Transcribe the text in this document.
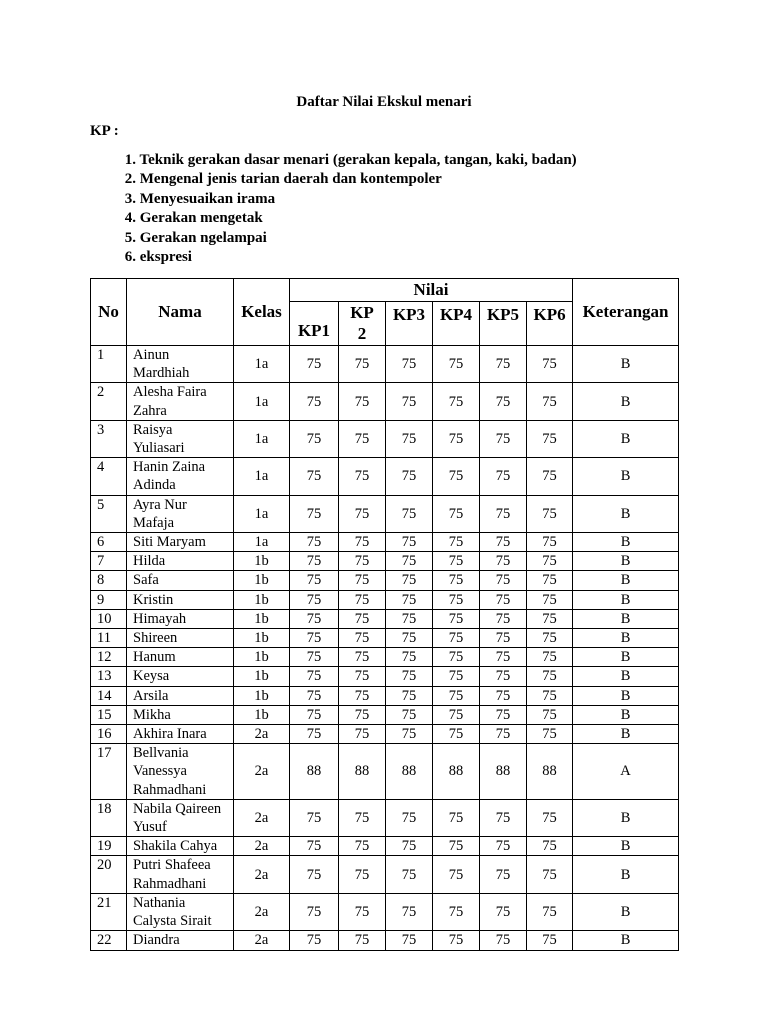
Daftar Nilai Ekskul menari
KP :
1. Teknik gerakan dasar menari (gerakan kepala, tangan, kaki, badan)
2. Mengenal jenis tarian daerah dan kontempoler
3. Menyesuaikan irama
4. Gerakan mengetak
5. Gerakan ngelampai
6. ekspresi
No	Nama	Kelas	Nilai						Keterangan
			KP1	KP
2	KP3	KP4	KP5	KP6	
1	Ainun
Mardhiah	1a	75	75	75	75	75	75	B
2	Alesha Faira
Zahra	1a	75	75	75	75	75	75	B
3	Raisya
Yuliasari	1a	75	75	75	75	75	75	B
4	Hanin Zaina
Adinda	1a	75	75	75	75	75	75	B
5	Ayra Nur
Mafaja	1a	75	75	75	75	75	75	B
6	Siti Maryam	1a	75	75	75	75	75	75	B
7	Hilda	1b	75	75	75	75	75	75	B
8	Safa	1b	75	75	75	75	75	75	B
9	Kristin	1b	75	75	75	75	75	75	B
10	Himayah	1b	75	75	75	75	75	75	B
11	Shireen	1b	75	75	75	75	75	75	B
12	Hanum	1b	75	75	75	75	75	75	B
13	Keysa	1b	75	75	75	75	75	75	B
14	Arsila	1b	75	75	75	75	75	75	B
15	Mikha	1b	75	75	75	75	75	75	B
16	Akhira Inara	2a	75	75	75	75	75	75	B
17	Bellvania
Vanessya
Rahmadhani	2a	88	88	88	88	88	88	A
18	Nabila Qaireen
Yusuf	2a	75	75	75	75	75	75	B
19	Shakila Cahya	2a	75	75	75	75	75	75	B
20	Putri Shafeea
Rahmadhani	2a	75	75	75	75	75	75	B
21	Nathania
Calysta Sirait	2a	75	75	75	75	75	75	B
22	Diandra	2a	75	75	75	75	75	75	B
